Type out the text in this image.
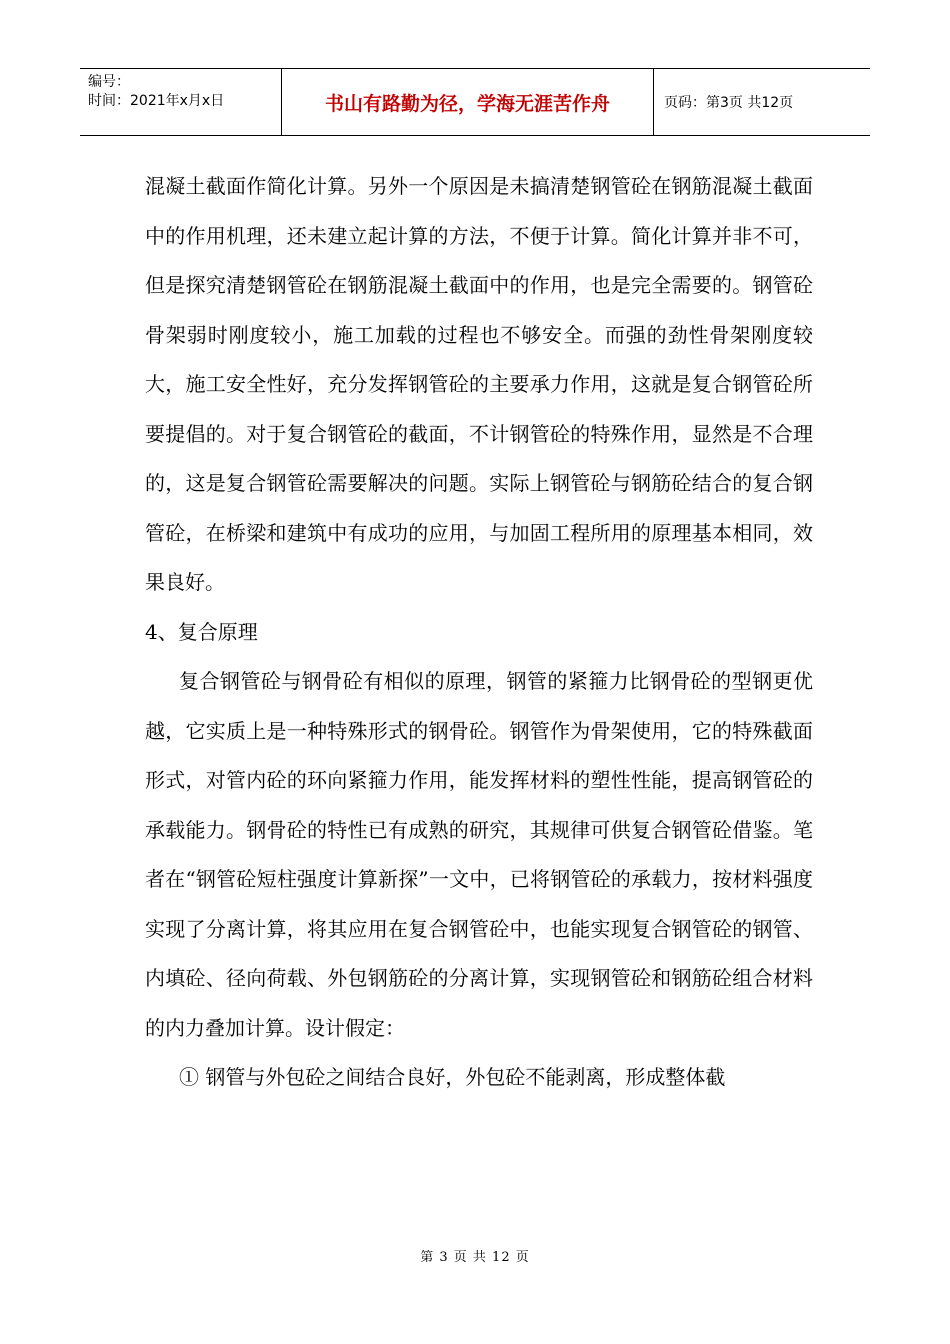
编号：
时间：2021年x月x日	书山有路勤为径，学海无涯苦作舟	页码：第3页 共12页

混凝土截面作简化计算。另外一个原因是未搞清楚钢管砼在钢筋混凝土截面中的作用机理，还未建立起计算的方法，不便于计算。简化计算并非不可，但是探究清楚钢管砼在钢筋混凝土截面中的作用，也是完全需要的。钢管砼骨架弱时刚度较小，施工加载的过程也不够安全。而强的劲性骨架刚度较大，施工安全性好，充分发挥钢管砼的主要承力作用，这就是复合钢管砼所要提倡的。对于复合钢管砼的截面，不计钢管砼的特殊作用，显然是不合理的，这是复合钢管砼需要解决的问题。实际上钢管砼与钢筋砼结合的复合钢管砼，在桥梁和建筑中有成功的应用，与加固工程所用的原理基本相同，效果良好。

4、复合原理

复合钢管砼与钢骨砼有相似的原理，钢管的紧箍力比钢骨砼的型钢更优越，它实质上是一种特殊形式的钢骨砼。钢管作为骨架使用，它的特殊截面形式，对管内砼的环向紧箍力作用，能发挥材料的塑性性能，提高钢管砼的承载能力。钢骨砼的特性已有成熟的研究，其规律可供复合钢管砼借鉴。笔者在“钢管砼短柱强度计算新探”一文中，已将钢管砼的承载力，按材料强度实现了分离计算，将其应用在复合钢管砼中，也能实现复合钢管砼的钢管、内填砼、径向荷载、外包钢筋砼的分离计算，实现钢管砼和钢筋砼组合材料的内力叠加计算。设计假定：

① 钢管与外包砼之间结合良好，外包砼不能剥离，形成整体截

第 3 页 共 12 页
